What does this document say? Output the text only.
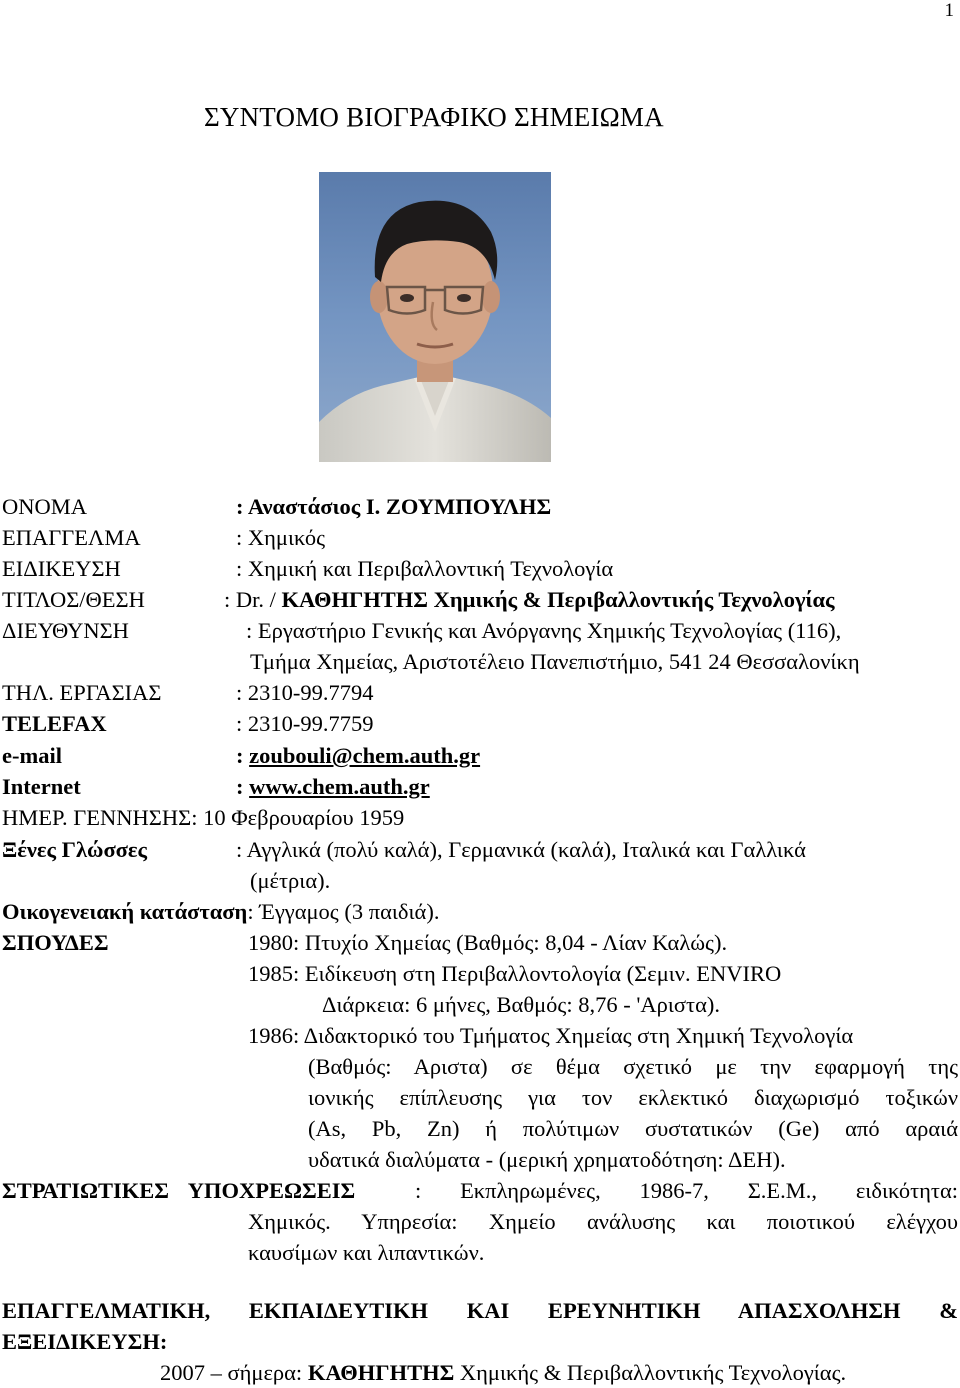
1
ΣΥΝΤΟΜΟ ΒΙΟΓΡΑΦΙΚΟ ΣΗΜΕΙΩΜΑ
ΟΝΟΜΑ	: Αναστάσιος Ι. ΖΟΥΜΠΟΥΛΗΣ
ΕΠΑΓΓΕΛΜΑ	: Χημικός
ΕΙΔΙΚΕΥΣΗ	: Χημική και Περιβαλλοντική Τεχνολογία
ΤΙΤΛΟΣ/ΘΕΣΗ	: Dr. / ΚΑΘΗΓΗΤΗΣ Χημικής & Περιβαλλοντικής Τεχνολογίας
ΔΙΕΥΘΥΝΣΗ	: Εργαστήριο Γενικής και Ανόργανης Χημικής Τεχνολογίας (116),
Τμήμα Χημείας, Αριστοτέλειο Πανεπιστήμιο, 541 24 Θεσσαλονίκη
ΤΗΛ. ΕΡΓΑΣΙΑΣ	: 2310-99.7794
TELEFAX	: 2310-99.7759
e-mail	: zoubouli@chem.auth.gr
Internet	: www.chem.auth.gr
ΗΜΕΡ. ΓΕΝΝΗΣΗΣ: 10 Φεβρουαρίου 1959
Ξένες Γλώσσες	: Αγγλικά (πολύ καλά), Γερμανικά (καλά), Ιταλικά και Γαλλικά
(μέτρια).
Οικογενειακή κατάσταση: Έγγαμος (3 παιδιά).
ΣΠΟΥΔΕΣ	1980: Πτυχίο Χημείας (Βαθμός: 8,04 - Λίαν Καλώς).
1985: Ειδίκευση στη Περιβαλλοντολογία (Σεμιν. ENVIRO
Διάρκεια: 6 μήνες, Βαθμός: 8,76 - 'Αριστα).
1986: Διδακτορικό του Τμήματος Χημείας στη Χημική Τεχνολογία
(Βαθμός: Αριστα) σε θέμα σχετικό με την εφαρμογή της
ιονικής επίπλευσης για τον εκλεκτικό διαχωρισμό τοξικών
(As, Pb, Zn) ή πολύτιμων συστατικών (Ge) από αραιά
υδατικά διαλύματα - (μερική χρηματοδότηση: ΔΕΗ).
ΣΤΡΑΤΙΩΤΙΚΕΣ ΥΠΟΧΡΕΩΣΕΙΣ	: Εκπληρωμένες, 1986-7, Σ.Ε.Μ., ειδικότητα:
Χημικός. Υπηρεσία: Χημείο ανάλυσης και ποιοτικού ελέγχου
καυσίμων και λιπαντικών.
ΕΠΑΓΓΕΛΜΑΤΙΚΗ, ΕΚΠΑΙΔΕΥΤΙΚΗ ΚΑΙ ΕΡΕΥΝΗΤΙΚΗ ΑΠΑΣΧΟΛΗΣΗ &
ΕΞΕΙΔΙΚΕΥΣΗ:
2007 – σήμερα: ΚΑΘΗΓΗΤΗΣ Χημικής & Περιβαλλοντικής Τεχνολογίας.
